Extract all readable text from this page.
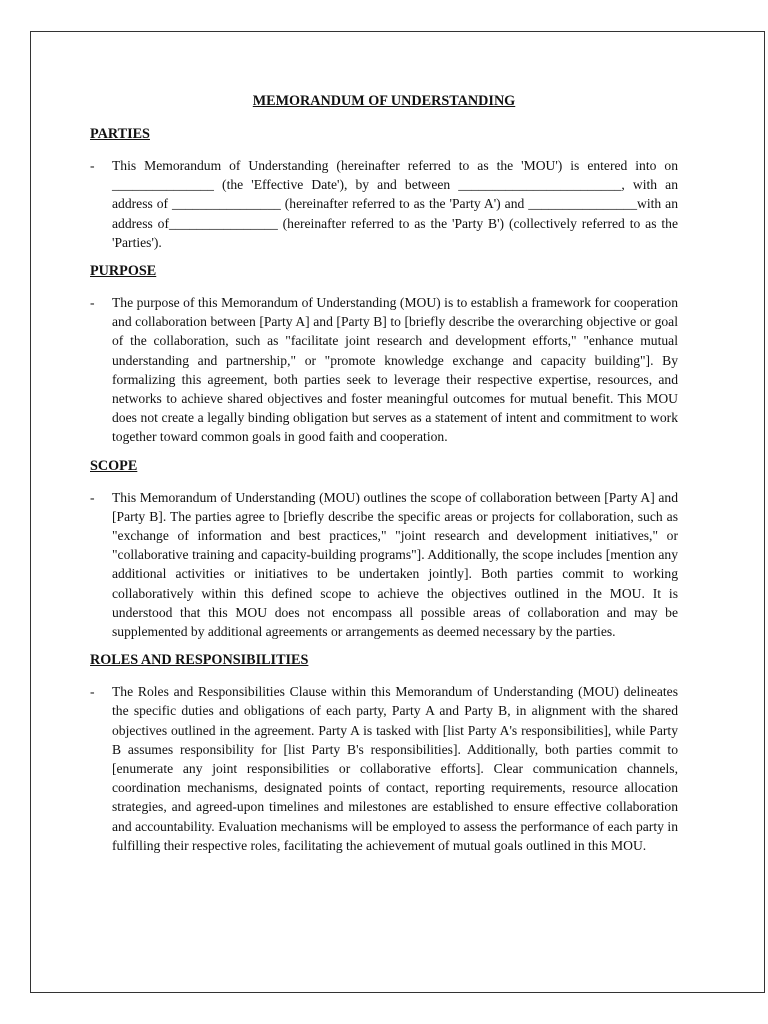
MEMORANDUM OF UNDERSTANDING
PARTIES
-	This Memorandum of Understanding (hereinafter referred to as the 'MOU') is entered into on _______________ (the 'Effective Date'), by and between ________________________, with an address of ________________ (hereinafter referred to as the 'Party A') and ________________with an address of________________ (hereinafter referred to as the 'Party B') (collectively referred to as the 'Parties').
PURPOSE
-	The purpose of this Memorandum of Understanding (MOU) is to establish a framework for cooperation and collaboration between [Party A] and [Party B] to [briefly describe the overarching objective or goal of the collaboration, such as "facilitate joint research and development efforts," "enhance mutual understanding and partnership," or "promote knowledge exchange and capacity building"]. By formalizing this agreement, both parties seek to leverage their respective expertise, resources, and networks to achieve shared objectives and foster meaningful outcomes for mutual benefit. This MOU does not create a legally binding obligation but serves as a statement of intent and commitment to work together toward common goals in good faith and cooperation.
SCOPE
-	This Memorandum of Understanding (MOU) outlines the scope of collaboration between [Party A] and [Party B]. The parties agree to [briefly describe the specific areas or projects for collaboration, such as "exchange of information and best practices," "joint research and development initiatives," or "collaborative training and capacity-building programs"]. Additionally, the scope includes [mention any additional activities or initiatives to be undertaken jointly]. Both parties commit to working collaboratively within this defined scope to achieve the objectives outlined in the MOU. It is understood that this MOU does not encompass all possible areas of collaboration and may be supplemented by additional agreements or arrangements as deemed necessary by the parties.
ROLES AND RESPONSIBILITIES
-	The Roles and Responsibilities Clause within this Memorandum of Understanding (MOU) delineates the specific duties and obligations of each party, Party A and Party B, in alignment with the shared objectives outlined in the agreement. Party A is tasked with [list Party A's responsibilities], while Party B assumes responsibility for [list Party B's responsibilities]. Additionally, both parties commit to [enumerate any joint responsibilities or collaborative efforts]. Clear communication channels, coordination mechanisms, designated points of contact, reporting requirements, resource allocation strategies, and agreed-upon timelines and milestones are established to ensure effective collaboration and accountability. Evaluation mechanisms will be employed to assess the performance of each party in fulfilling their respective roles, facilitating the achievement of mutual goals outlined in this MOU.
